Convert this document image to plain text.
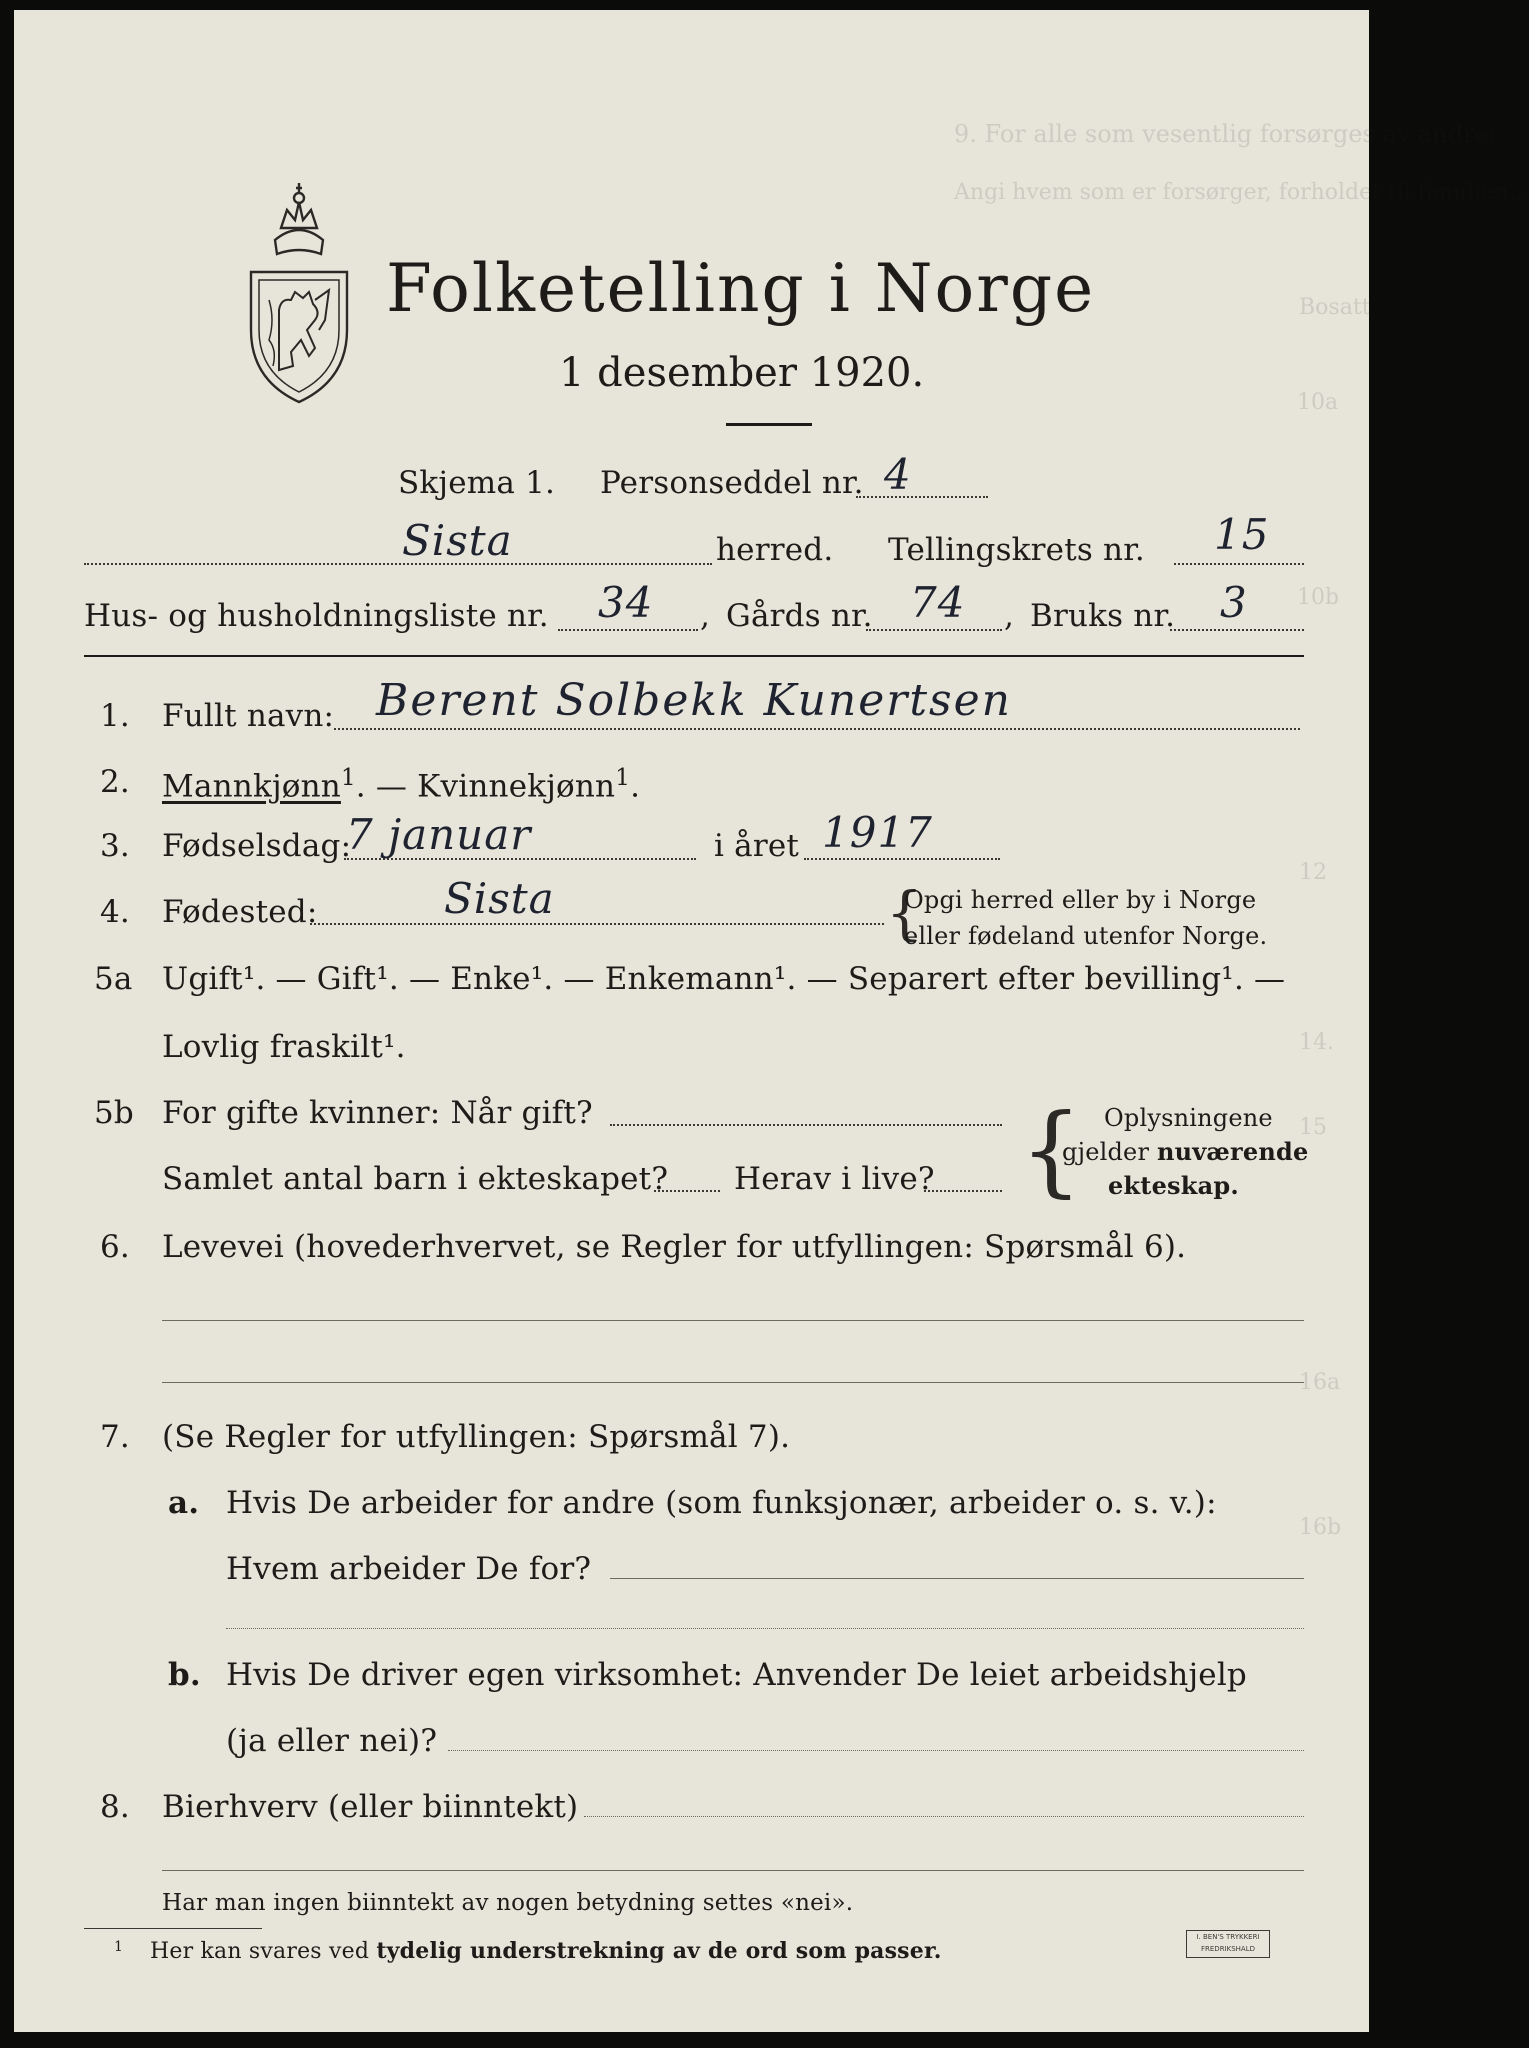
9. For alle som vesentlig forsørges av andre:
Angi hvem som er forsørger, forholdet til familien...
Bosatt
10a
10b
12
14.
15
16a
16b
Folketelling i Norge
1 desember 1920.
Skjema 1. Personseddel nr. 4
Sista	herred. Tellingskrets nr. 15
Hus- og husholdningsliste nr. 34 , Gårds nr. 74 , Bruks nr. 3
1. Fullt navn: Berent Solbekk Kunertsen
2. Mannkjønn$^1$. — Kvinnekjønn$^1$.
3. Fødselsdag:
7 januar	i året 1917
4. Fødested:	Sista	{
Opgi herred eller by i Norge
eller fødeland utenfor Norge.
5a Ugift¹. — Gift¹. — Enke¹. — Enkemann¹. — Separert efter bevilling¹. —
Lovlig fraskilt¹.
5b For gifte kvinner: Når gift?
Samlet antal barn i ekteskapet? Herav i live? { Oplysningene
gjelder nuværende
ekteskap.
6. Levevei (hovederhvervet, se Regler for utfyllingen: Spørsmål 6).
7. (Se Regler for utfyllingen: Spørsmål 7).
a. Hvis De arbeider for andre (som funksjonær, arbeider o. s. v.):
Hvem arbeider De for?
b. Hvis De driver egen virksomhet: Anvender De leiet arbeidshjelp
(ja eller nei)?
8. Bierhverv (eller biinntekt)
Har man ingen biinntekt av nogen betydning settes «nei».
1 Her kan svares ved tydelig understrekning av de ord som passer.
I. BEN'S TRYKKERI
FREDRIKSHALD
